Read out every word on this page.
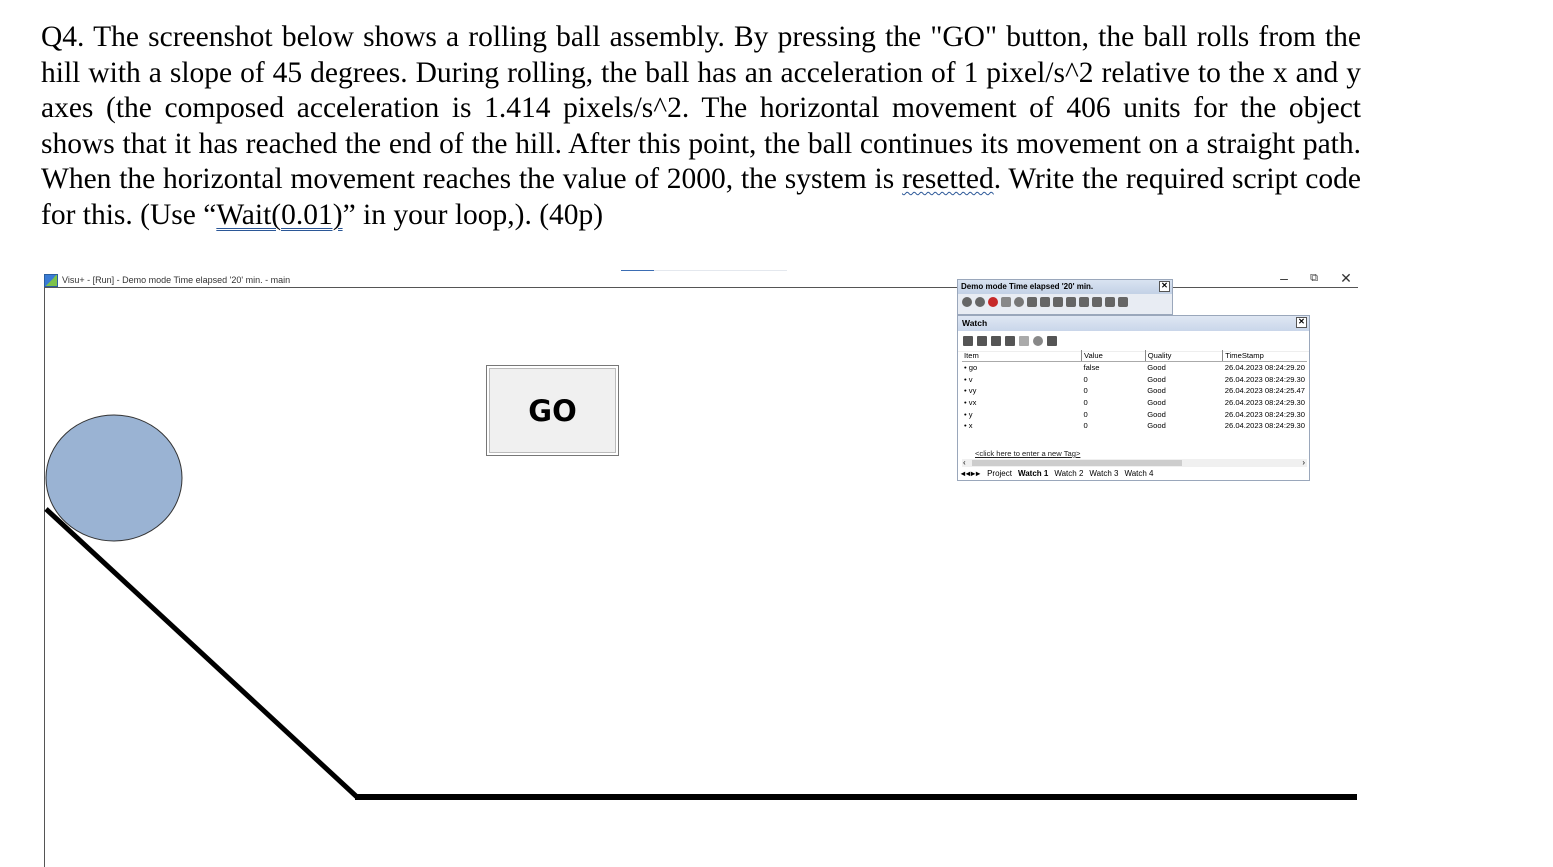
Q4. The screenshot below shows a rolling ball assembly. By pressing the "GO" button, the ball rolls from the hill with a slope of 45 degrees. During rolling, the ball has an acceleration of 1 pixel/s^2 relative to the x and y axes (the composed acceleration is 1.414 pixels/s^2. The horizontal movement of 406 units for the object shows that it has reached the end of the hill. After this point, the ball continues its movement on a straight path. When the horizontal movement reaches the value of 2000, the system is resetted. Write the required script code for this. (Use “Wait(0.01)” in your loop,). (40p)

Visu+ - [Run] - Demo mode Time elapsed '20' min. - main	–	⧉	✕
GO
Demo mode Time elapsed '20' min.	✕
Watch	✕
Item	Value	Quality	TimeStamp
• go	false	Good	26.04.2023 08:24:29.20
• v	0	Good	26.04.2023 08:24:29.30
• vy	0	Good	26.04.2023 08:24:25.47
• vx	0	Good	26.04.2023 08:24:29.30
• y	0	Good	26.04.2023 08:24:29.30
• x	0	Good	26.04.2023 08:24:29.30
<click here to enter a new Tag>
‹	›
◂◂▸▸ Project Watch 1 Watch 2 Watch 3 Watch 4
